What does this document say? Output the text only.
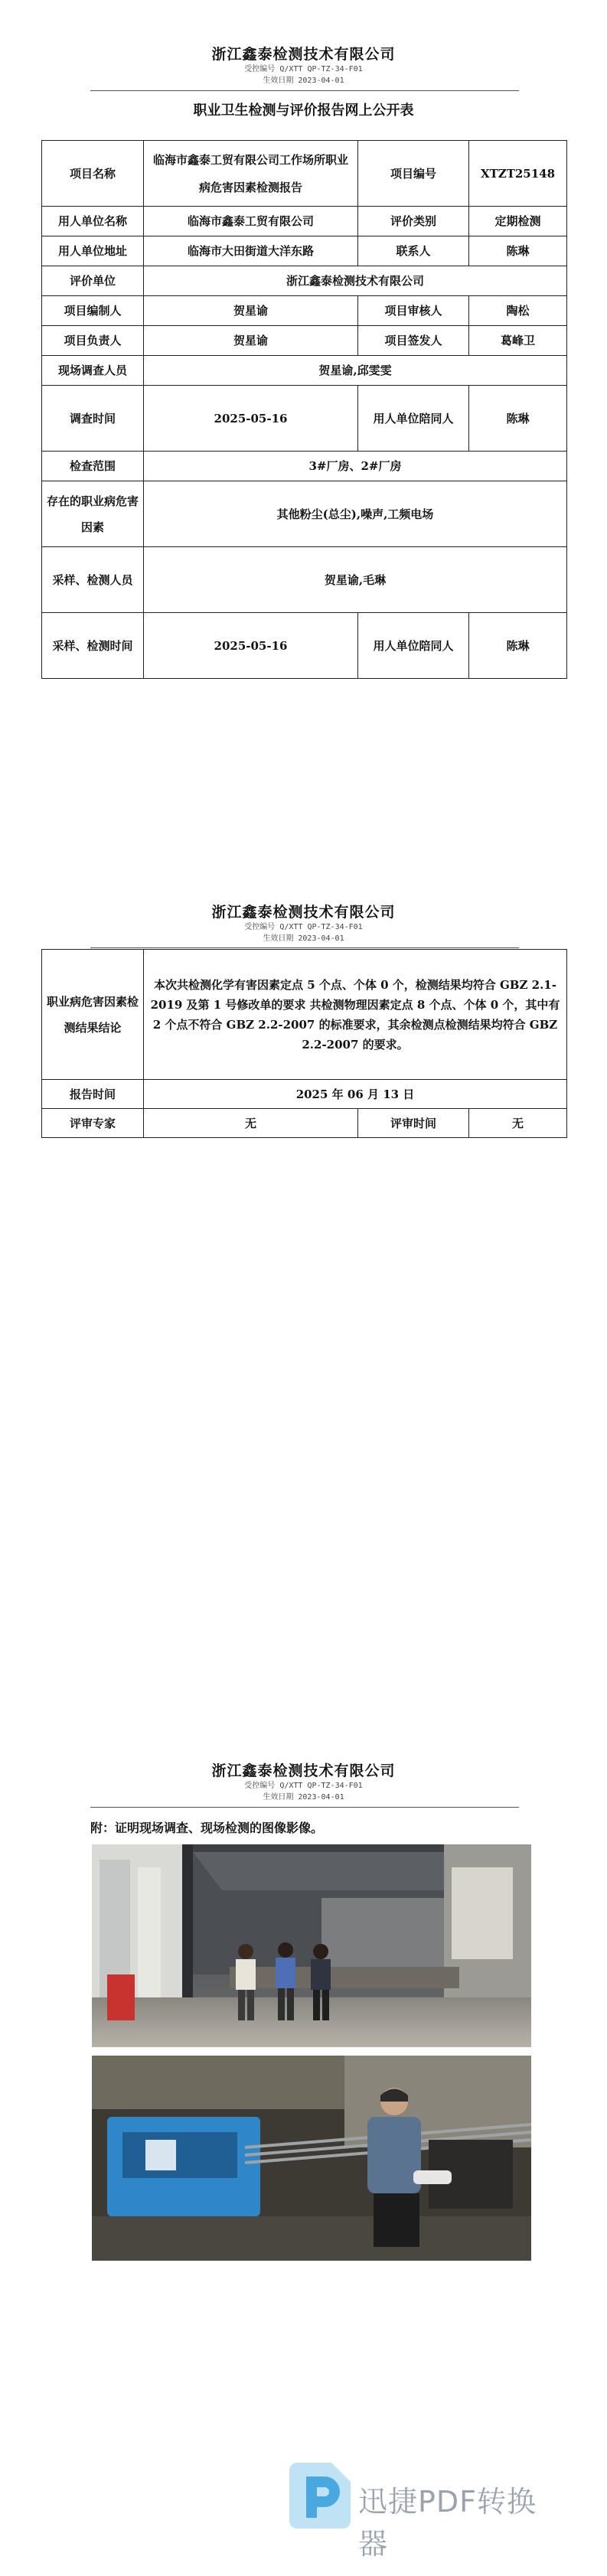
浙江鑫泰检测技术有限公司
受控编号 Q/XTT QP-TZ-34-F01
生效日期 2023-04-01
职业卫生检测与评价报告网上公开表
项目名称	临海市鑫泰工贸有限公司工作场所职业病危害因素检测报告	项目编号	XTZT25148
用人单位名称	临海市鑫泰工贸有限公司	评价类别	定期检测
用人单位地址	临海市大田街道大洋东路	联系人	陈琳
评价单位	浙江鑫泰检测技术有限公司		
项目编制人	贺星谕	项目审核人	陶松
项目负责人	贺星谕	项目签发人	葛峰卫
现场调查人员	贺星谕,邱雯雯		
调查时间	2025-05-16	用人单位陪同人	陈琳
检查范围	3#厂房、2#厂房		
存在的职业病危害因素	其他粉尘(总尘),噪声,工频电场		
采样、检测人员	贺星谕,毛琳		
采样、检测时间	2025-05-16	用人单位陪同人	陈琳
浙江鑫泰检测技术有限公司
受控编号 Q/XTT QP-TZ-34-F01
生效日期 2023-04-01
职业病危害因素检测结果结论	本次共检测化学有害因素定点 5 个点、个体 0 个，检测结果均符合 GBZ 2.1-2019 及第 1 号修改单的要求 共检测物理因素定点 8 个点、个体 0 个，其中有 2 个点不符合 GBZ 2.2-2007 的标准要求，其余检测点检测结果均符合 GBZ 2.2-2007 的要求。		
报告时间	2025 年 06 月 13 日		
评审专家	无	评审时间	无
浙江鑫泰检测技术有限公司
受控编号 Q/XTT QP-TZ-34-F01
生效日期 2023-04-01
附：证明现场调查、现场检测的图像影像。
迅捷PDF转换器
